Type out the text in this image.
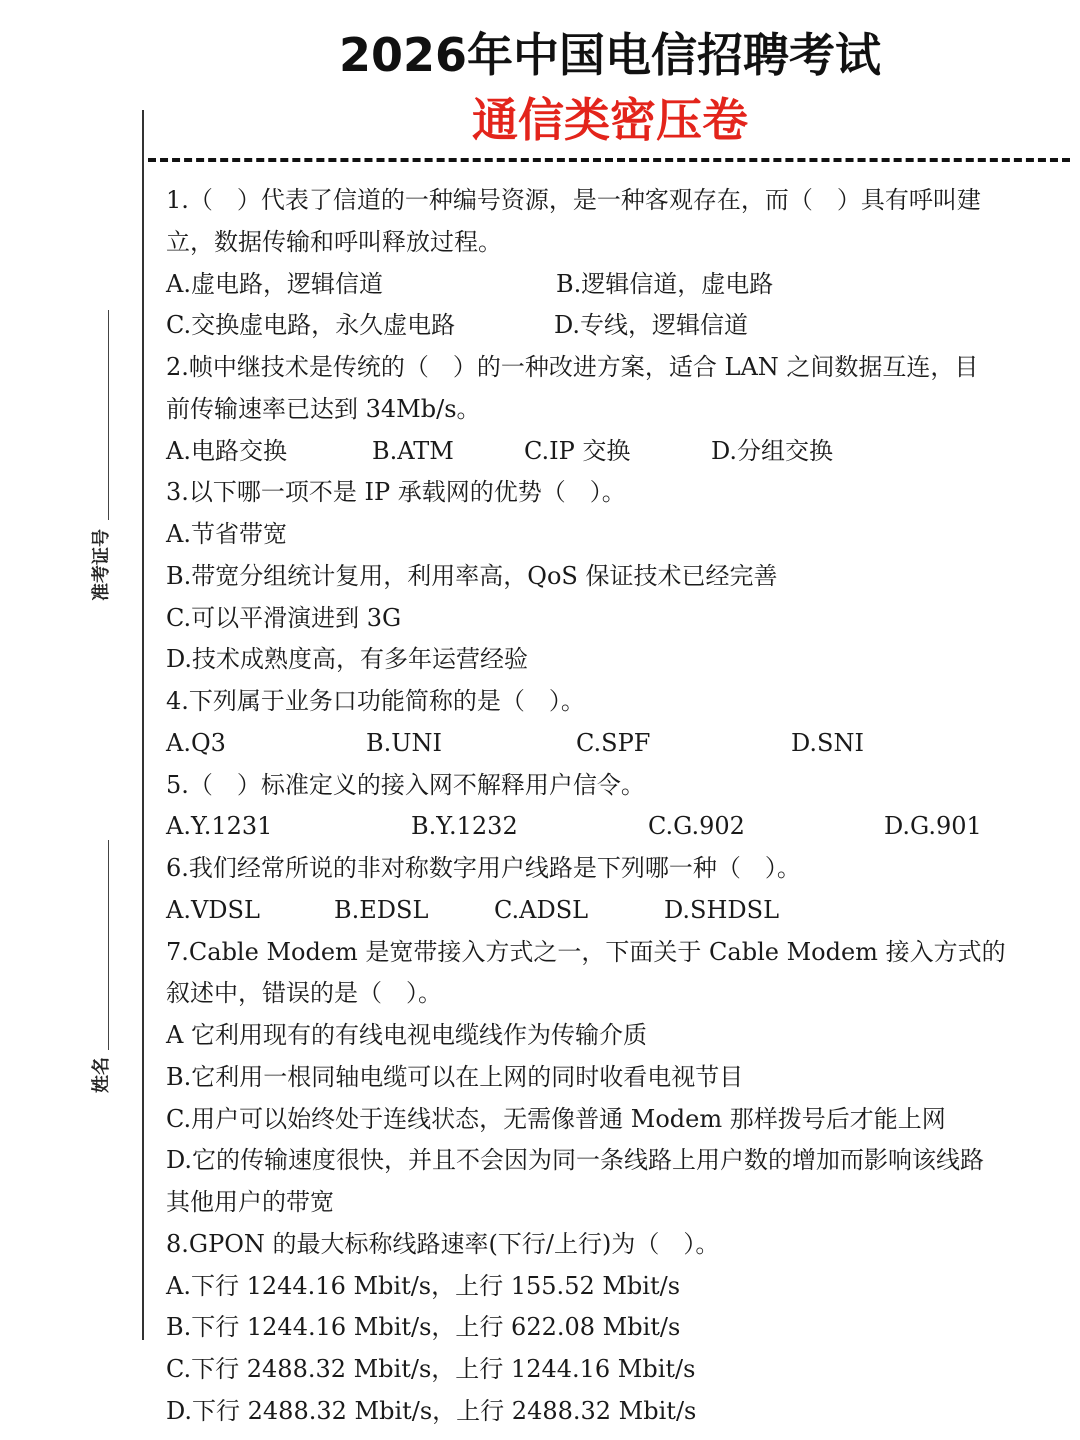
2026年中国电信招聘考试
通信类密压卷
准考证号
姓名
1.（　）代表了信道的一种编号资源，是一种客观存在，而（　）具有呼叫建
立，数据传输和呼叫释放过程。
A.虚电路，逻辑信道	B.逻辑信道，虚电路
C.交换虚电路，永久虚电路	D.专线，逻辑信道
2.帧中继技术是传统的（　）的一种改进方案，适合 LAN 之间数据互连，目
前传输速率已达到 34Mb/s。
A.电路交换	B.ATM	C.IP 交换	D.分组交换
3.以下哪一项不是 IP 承载网的优势（　）。
A.节省带宽
B.带宽分组统计复用，利用率高，QoS 保证技术已经完善
C.可以平滑演进到 3G
D.技术成熟度高，有多年运营经验
4.下列属于业务口功能简称的是（　）。
A.Q3	B.UNI	C.SPF	D.SNI
5.（　）标准定义的接入网不解释用户信令。
A.Y.1231	B.Y.1232	C.G.902	D.G.901
6.我们经常所说的非对称数字用户线路是下列哪一种（　）。
A.VDSL	B.EDSL	C.ADSL	D.SHDSL
7.Cable Modem 是宽带接入方式之一，下面关于 Cable Modem 接入方式的
叙述中，错误的是（　）。
A 它利用现有的有线电视电缆线作为传输介质
B.它利用一根同轴电缆可以在上网的同时收看电视节目
C.用户可以始终处于连线状态，无需像普通 Modem 那样拨号后才能上网
D.它的传输速度很快，并且不会因为同一条线路上用户数的增加而影响该线路
其他用户的带宽
8.GPON 的最大标称线路速率(下行/上行)为（　）。
A.下行 1244.16 Mbit/s，上行 155.52 Mbit/s
B.下行 1244.16 Mbit/s，上行 622.08 Mbit/s
C.下行 2488.32 Mbit/s，上行 1244.16 Mbit/s
D.下行 2488.32 Mbit/s，上行 2488.32 Mbit/s
